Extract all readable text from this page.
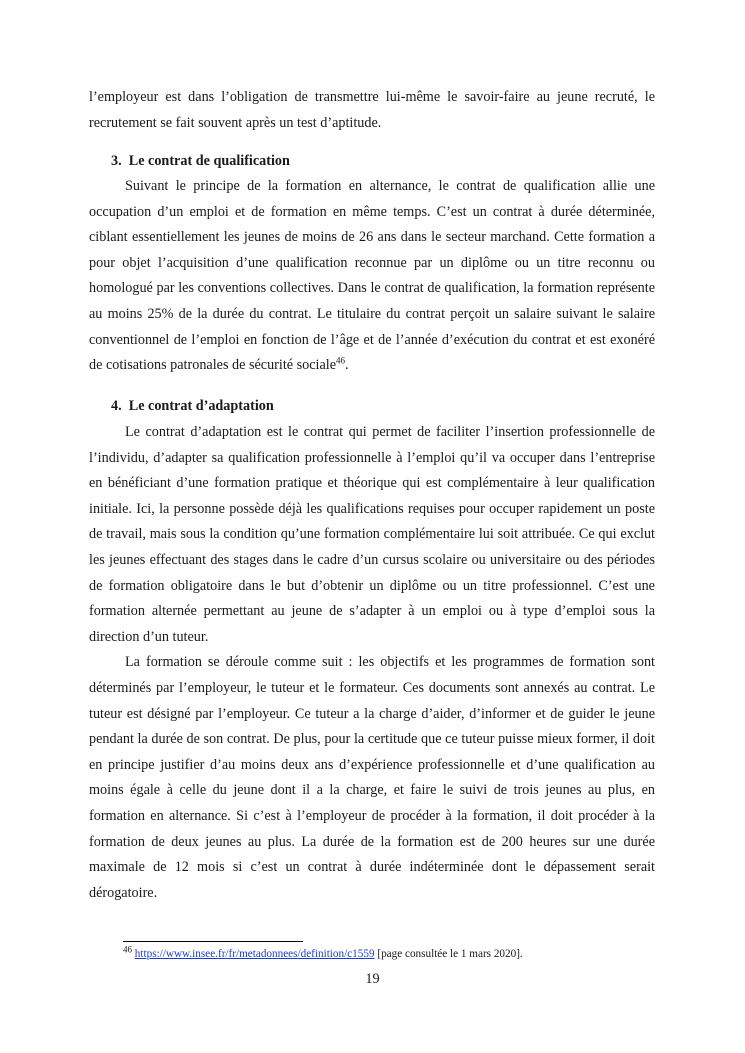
l’employeur est dans l’obligation de transmettre lui-même le savoir-faire au jeune recruté, le recrutement se fait souvent après un test d’aptitude.

3.  Le contrat de qualification

Suivant le principe de la formation en alternance, le contrat de qualification allie une occupation d’un emploi et de formation en même temps. C’est un contrat à durée déterminée, ciblant essentiellement les jeunes de moins de 26 ans dans le secteur marchand. Cette formation a pour objet l’acquisition d’une qualification reconnue par un diplôme ou un titre reconnu ou homologué par les conventions collectives. Dans le contrat de qualification, la formation représente au moins 25% de la durée du contrat. Le titulaire du contrat perçoit un salaire suivant le salaire conventionnel de l’emploi en fonction de l’âge et de l’année d’exécution du contrat et est exonéré de cotisations patronales de sécurité sociale$^{46}$.

4.  Le contrat d’adaptation

Le contrat d’adaptation est le contrat qui permet de faciliter l’insertion professionnelle de l’individu, d’adapter sa qualification professionnelle à l’emploi qu’il va occuper dans l’entreprise en bénéficiant d’une formation pratique et théorique qui est complémentaire à leur qualification initiale. Ici, la personne possède déjà les qualifications requises pour occuper rapidement un poste de travail, mais sous la condition qu’une formation complémentaire lui soit attribuée. Ce qui exclut les jeunes effectuant des stages dans le cadre d’un cursus scolaire ou universitaire ou des périodes de formation obligatoire dans le but d’obtenir un diplôme ou un titre professionnel. C’est une formation alternée permettant au jeune de s’adapter à un emploi ou à type d’emploi sous la direction d’un tuteur.

La formation se déroule comme suit : les objectifs et les programmes de formation sont déterminés par l’employeur, le tuteur et le formateur. Ces documents sont annexés au contrat. Le tuteur est désigné par l’employeur. Ce tuteur a la charge d’aider, d’informer et de guider le jeune pendant la durée de son contrat. De plus, pour la certitude que ce tuteur puisse mieux former, il doit en principe justifier d’au moins deux ans d’expérience professionnelle et d’une qualification au moins égale à celle du jeune dont il a la charge, et faire le suivi de trois jeunes au plus, en formation en alternance. Si c’est à l’employeur de procéder à la formation, il doit procéder à la formation de deux jeunes au plus. La durée de la formation est de 200 heures sur une durée maximale de 12 mois si c’est un contrat à durée indéterminée dont le dépassement serait dérogatoire.

$^{46}$ https://www.insee.fr/fr/metadonnees/definition/c1559 [page consultée le 1 mars 2020].
19
